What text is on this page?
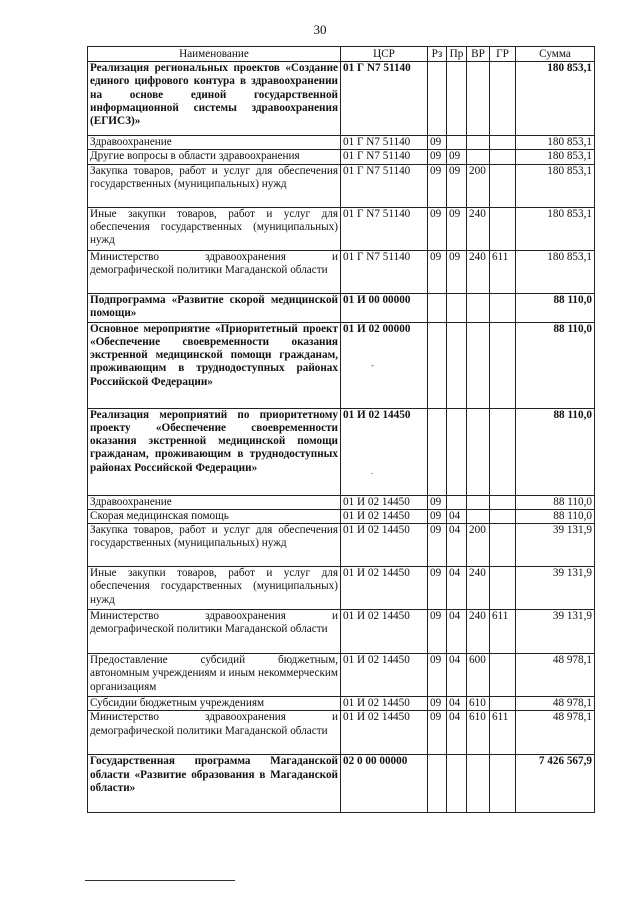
30
Наименование	ЦСР	Рз	Пр	ВР	ГР	Сумма
Реализация региональных проектов «Создание единого цифрового контура в здравоохранении на основе единой государственной информационной системы здравоохранения (ЕГИСЗ)»	01 Г N7 51140					180 853,1
Здравоохранение	01 Г N7 51140	09				180 853,1
Другие вопросы в области здравоохранения	01 Г N7 51140	09	09			180 853,1
Закупка товаров, работ и услуг для обеспечения государственных (муниципальных) нужд	01 Г N7 51140	09	09	200		180 853,1
Иные закупки товаров, работ и услуг для обеспечения государственных (муниципальных) нужд	01 Г N7 51140	09	09	240		180 853,1
Министерство здравоохранения и демографической политики Магаданской области	01 Г N7 51140	09	09	240	611	180 853,1
Подпрограмма «Развитие скорой медицинской помощи»	01 И 00 00000					88 110,0
Основное мероприятие «Приоритетный проект «Обеспечение своевременности оказания экстренной медицинской помощи гражданам, проживающим в труднодоступных районах Российской Федерации»	01 И 02 00000					88 110,0
Реализация мероприятий по приоритетному проекту «Обеспечение своевременности оказания экстренной медицинской помощи гражданам, проживающим в труднодоступных районах Российской Федерации»	01 И 02 14450					88 110,0
Здравоохранение	01 И 02 14450	09				88 110,0
Скорая медицинская помощь	01 И 02 14450	09	04			88 110,0
Закупка товаров, работ и услуг для обеспечения государственных (муниципальных) нужд	01 И 02 14450	09	04	200		39 131,9
Иные закупки товаров, работ и услуг для обеспечения государственных (муниципальных) нужд	01 И 02 14450	09	04	240		39 131,9
Министерство здравоохранения и демографической политики Магаданской области	01 И 02 14450	09	04	240	611	39 131,9
Предоставление субсидий бюджетным, автономным учреждениям и иным некоммерческим организациям	01 И 02 14450	09	04	600		48 978,1
Субсидии бюджетным учреждениям	01 И 02 14450	09	04	610		48 978,1
Министерство здравоохранения и демографической политики Магаданской области	01 И 02 14450	09	04	610	611	48 978,1
Государственная программа Магаданской области «Развитие образования в Магаданской области»	02 0 00 00000					7 426 567,9
-
.
